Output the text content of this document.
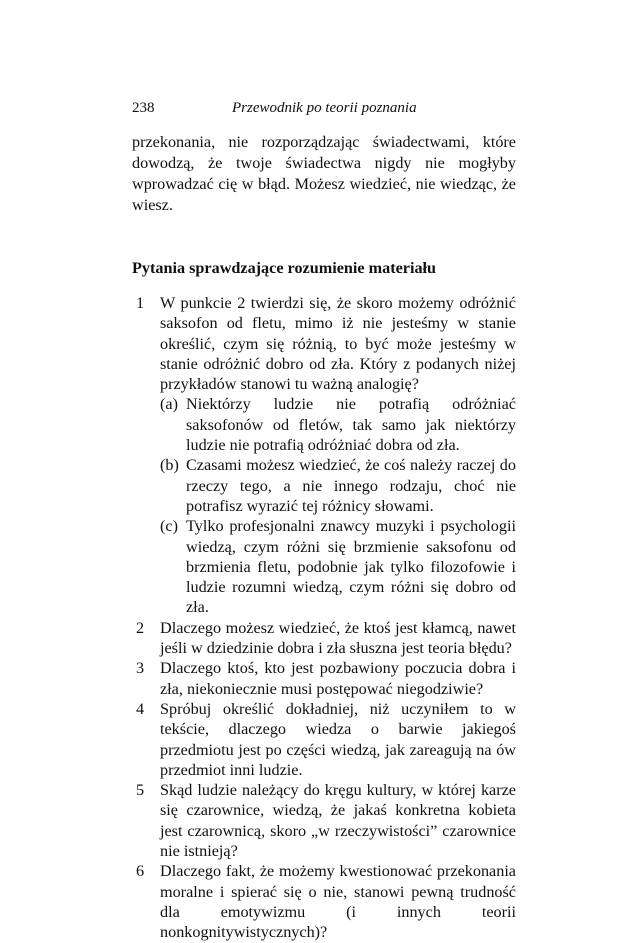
238	Przewodnik po teorii poznania
przekonania, nie rozporządzając świadectwami, które dowodzą, że twoje świadectwa nigdy nie mogłyby wprowadzać cię w błąd. Możesz wiedzieć, nie wiedząc, że wiesz.
Pytania sprawdzające rozumienie materiału
1 W punkcie 2 twierdzi się, że skoro możemy odróżnić saksofon od fletu, mimo iż nie jesteśmy w stanie określić, czym się różnią, to być może jesteśmy w stanie odróżnić dobro od zła. Który z podanych niżej przykładów stanowi tu ważną analogię?
(a) Niektórzy ludzie nie potrafią odróżniać saksofonów od fletów, tak samo jak niektórzy ludzie nie potrafią odróżniać dobra od zła.
(b) Czasami możesz wiedzieć, że coś należy raczej do rzeczy tego, a nie innego rodzaju, choć nie potrafisz wyrazić tej różnicy słowami.
(c) Tylko profesjonalni znawcy muzyki i psychologii wiedzą, czym różni się brzmienie saksofonu od brzmienia fletu, podobnie jak tylko filozofowie i ludzie rozumni wiedzą, czym różni się dobro od zła.
2 Dlaczego możesz wiedzieć, że ktoś jest kłamcą, nawet jeśli w dziedzinie dobra i zła słuszna jest teoria błędu?
3 Dlaczego ktoś, kto jest pozbawiony poczucia dobra i zła, niekoniecznie musi postępować niegodziwie?
4 Spróbuj określić dokładniej, niż uczyniłem to w tekście, dlaczego wiedza o barwie jakiegoś przedmiotu jest po części wiedzą, jak zareagują na ów przedmiot inni ludzie.
5 Skąd ludzie należący do kręgu kultury, w której karze się czarownice, wiedzą, że jakaś konkretna kobieta jest czarownicą, skoro „w rzeczywistości” czarownice nie istnieją?
6 Dlaczego fakt, że możemy kwestionować przekonania moralne i spierać się o nie, stanowi pewną trudność dla emotywizmu (i innych teorii nonkognitywistycznych)?
